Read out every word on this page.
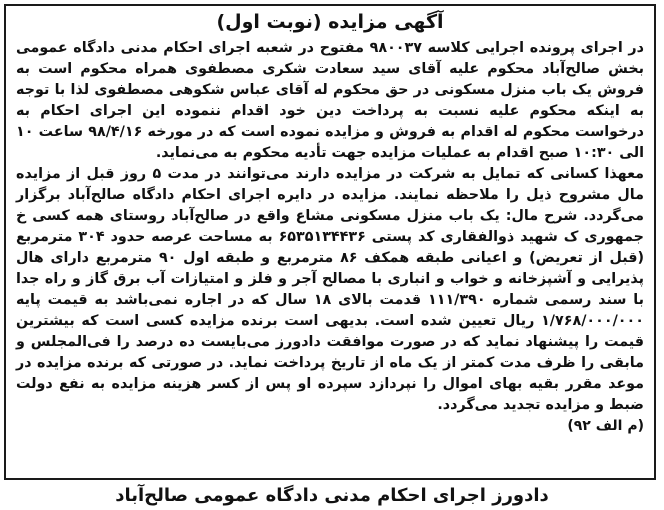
آگهی مزایده (نوبت اول)

در اجرای پرونده اجرایی کلاسه ۹۸۰۰۳۷ مفتوح در شعبه اجرای احکام مدنی دادگاه عمومی بخش صالح‌آباد محکوم علیه آقای سید سعادت شکری مصطفوی همراه محکوم است به فروش یک باب منزل مسکونی در حق محکوم له آقای عباس شکوهی مصطفوی لذا با توجه به اینکه محکوم علیه نسبت به پرداخت دین خود اقدام ننموده این اجرای احکام به درخواست محکوم له اقدام به فروش و مزایده نموده است که در مورخه ۹۸/۴/۱۶ ساعت ۱۰ الی ۱۰:۳۰ صبح اقدام به عملیات مزایده جهت تأدیه محکوم به می‌نماید.

معهذا کسانی که تمایل به شرکت در مزایده دارند می‌توانند در مدت ۵ روز قبل از مزایده مال مشروح ذیل را ملاحظه نمایند. مزایده در دایره اجرای احکام دادگاه صالح‌آباد برگزار می‌گردد. شرح مال: یک باب منزل مسکونی مشاع واقع در صالح‌آباد روستای همه کسی خ جمهوری ک شهید ذوالفقاری کد پستی ۶۵۳۵۱۳۴۴۳۶ به مساحت عرصه حدود ۳۰۴ مترمربع (قبل از تعریض) و اعیانی طبقه همکف ۸۶ مترمربع و طبقه اول ۹۰ مترمربع دارای هال پذیرایی و آشپزخانه و خواب و انباری با مصالح آجر و فلز و امتیازات آب برق گاز و راه جدا با سند رسمی شماره ۱۱۱/۳۹۰ قدمت بالای ۱۸ سال که در اجاره نمی‌باشد به قیمت پایه ۱/۷۶۸/۰۰۰/۰۰۰ ریال تعیین شده است. بدیهی است برنده مزایده کسی است که بیشترین قیمت را پیشنهاد نماید که در صورت موافقت دادورز می‌بایست ده درصد را فی‌المجلس و مابقی را ظرف مدت کمتر از یک ماه از تاریخ پرداخت نماید. در صورتی که برنده مزایده در موعد مقرر بقیه بهای اموال را نپردازد سپرده او پس از کسر هزینه مزایده به نفع دولت ضبط و مزایده تجدید می‌گردد.

(م الف ۹۲)
دادورز اجرای احکام مدنی دادگاه عمومی صالح‌آباد
